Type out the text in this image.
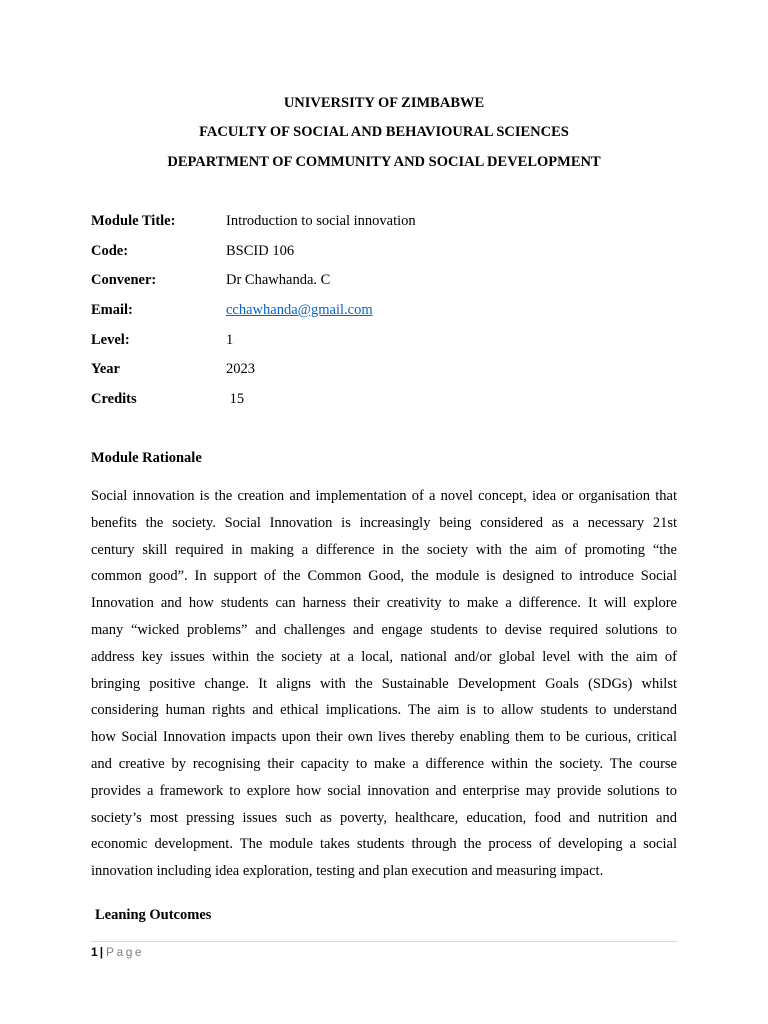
UNIVERSITY OF ZIMBABWE
FACULTY OF SOCIAL AND BEHAVIOURAL SCIENCES
DEPARTMENT OF COMMUNITY AND SOCIAL DEVELOPMENT
Module Title:	Introduction to social innovation
Code:	BSCID 106
Convener:	Dr Chawhanda. C
Email:	cchawhanda@gmail.com
Level:	1
Year	2023
Credits	15
Module Rationale
Social innovation is the creation and implementation of a novel concept, idea or organisation that
benefits the society. Social Innovation is increasingly being considered as a necessary 21st
century skill required in making a difference in the society with the aim of promoting “the
common good”. In support of the Common Good, the module is designed to introduce Social
Innovation and how students can harness their creativity to make a difference. It will explore
many “wicked problems” and challenges and engage students to devise required solutions to
address key issues within the society at a local, national and/or global level with the aim of
bringing positive change. It aligns with the Sustainable Development Goals (SDGs) whilst
considering human rights and ethical implications. The aim is to allow students to understand
how Social Innovation impacts upon their own lives thereby enabling them to be curious, critical
and creative by recognising their capacity to make a difference within the society. The course
provides a framework to explore how social innovation and enterprise may provide solutions to
society’s most pressing issues such as poverty, healthcare, education, food and nutrition and
economic development. The module takes students through the process of developing a social
innovation including idea exploration, testing and plan execution and measuring impact.
Leaning Outcomes
1 | Page
